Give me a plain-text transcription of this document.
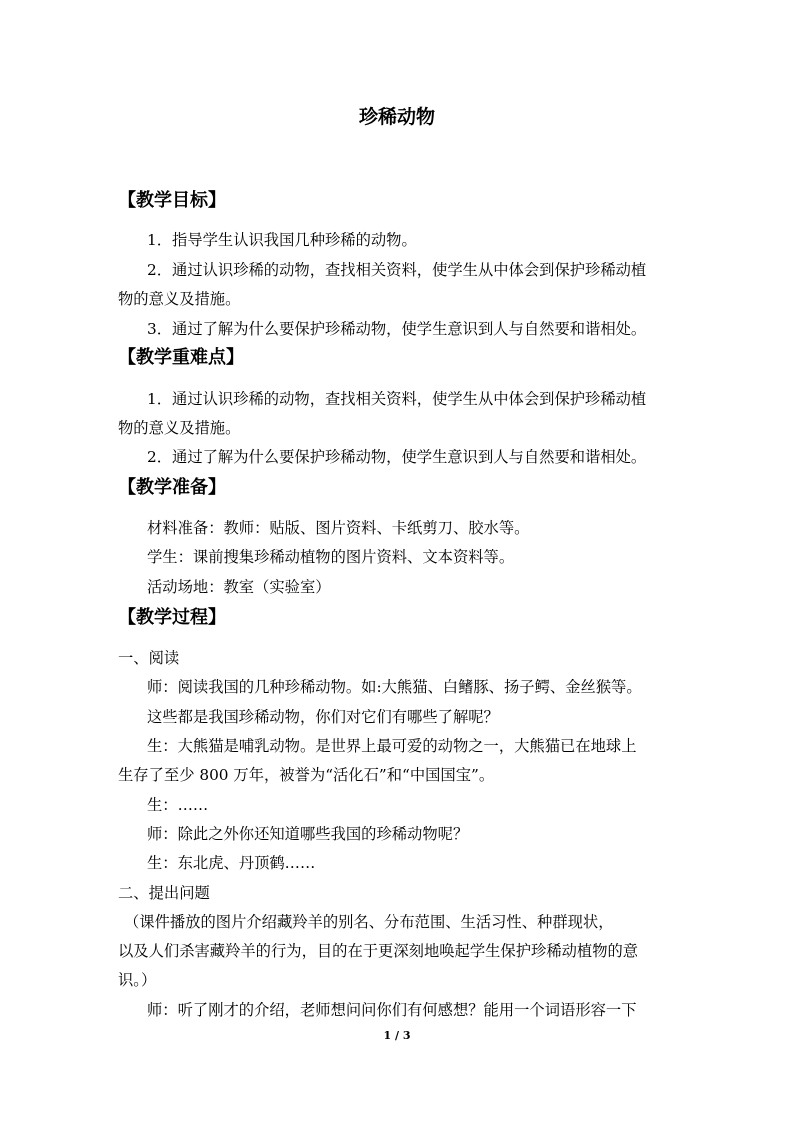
珍稀动物
【教学目标】
1．指导学生认识我国几种珍稀的动物。
2．通过认识珍稀的动物，查找相关资料，使学生从中体会到保护珍稀动植
物的意义及措施。
3．通过了解为什么要保护珍稀动物，使学生意识到人与自然要和谐相处。
【教学重难点】
1．通过认识珍稀的动物，查找相关资料，使学生从中体会到保护珍稀动植
物的意义及措施。
2．通过了解为什么要保护珍稀动物，使学生意识到人与自然要和谐相处。
【教学准备】
材料准备：教师：贴版、图片资料、卡纸剪刀、胶水等。
学生：课前搜集珍稀动植物的图片资料、文本资料等。
活动场地：教室（实验室）
【教学过程】
一、阅读
师：阅读我国的几种珍稀动物。如:大熊猫、白鳍豚、扬子鳄、金丝猴等。
这些都是我国珍稀动物，你们对它们有哪些了解呢？
生：大熊猫是哺乳动物。是世界上最可爱的动物之一，大熊猫已在地球上
生存了至少 800 万年，被誉为“活化石”和“中国国宝”。
生：……
师：除此之外你还知道哪些我国的珍稀动物呢？
生：东北虎、丹顶鹤……
二、提出问题
（课件播放的图片介绍藏羚羊的别名、分布范围、生活习性、种群现状，
以及人们杀害藏羚羊的行为，目的在于更深刻地唤起学生保护珍稀动植物的意
识。）
师：听了刚才的介绍，老师想问问你们有何感想？能用一个词语形容一下
1 / 3
